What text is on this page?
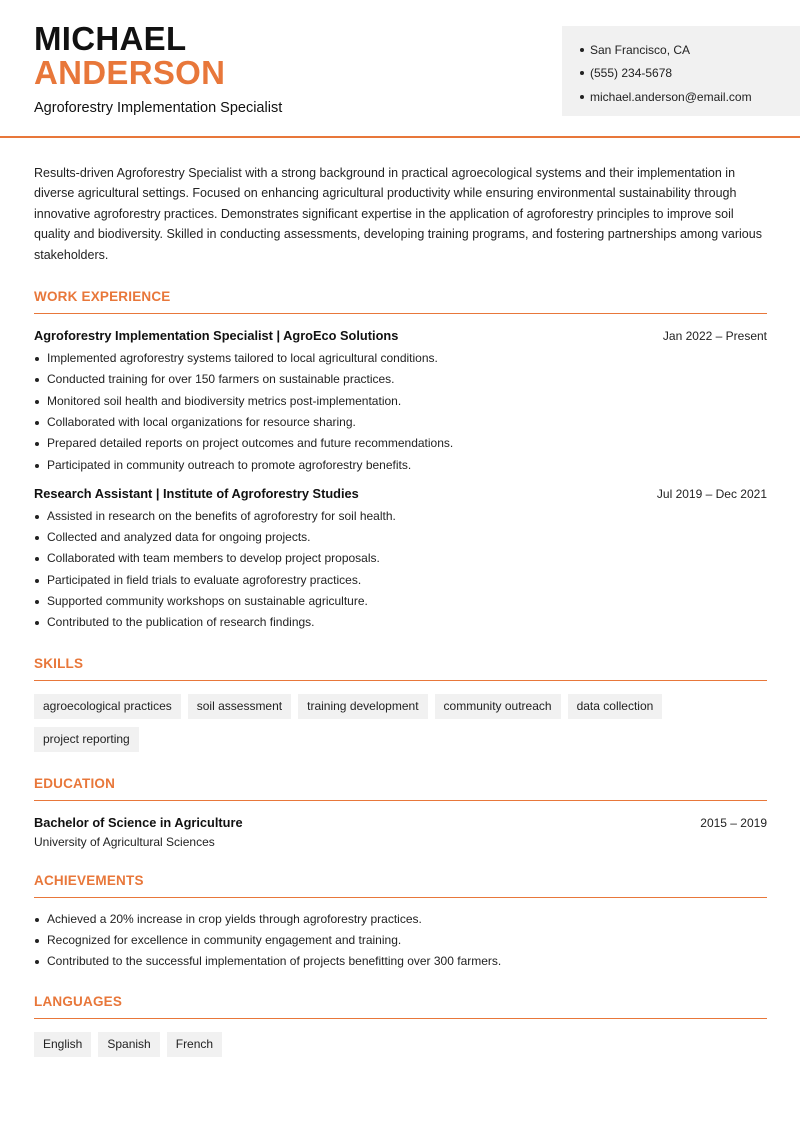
MICHAEL
ANDERSON
Agroforestry Implementation Specialist
San Francisco, CA
(555) 234-5678
michael.anderson@email.com

Results-driven Agroforestry Specialist with a strong background in practical agroecological systems and their implementation in diverse agricultural settings. Focused on enhancing agricultural productivity while ensuring environmental sustainability through innovative agroforestry practices. Demonstrates significant expertise in the application of agroforestry principles to improve soil quality and biodiversity. Skilled in conducting assessments, developing training programs, and fostering partnerships among various stakeholders.

WORK EXPERIENCE
Agroforestry Implementation Specialist | AgroEco Solutions	Jan 2022 – Present
Implemented agroforestry systems tailored to local agricultural conditions.
Conducted training for over 150 farmers on sustainable practices.
Monitored soil health and biodiversity metrics post-implementation.
Collaborated with local organizations for resource sharing.
Prepared detailed reports on project outcomes and future recommendations.
Participated in community outreach to promote agroforestry benefits.
Research Assistant | Institute of Agroforestry Studies	Jul 2019 – Dec 2021
Assisted in research on the benefits of agroforestry for soil health.
Collected and analyzed data for ongoing projects.
Collaborated with team members to develop project proposals.
Participated in field trials to evaluate agroforestry practices.
Supported community workshops on sustainable agriculture.
Contributed to the publication of research findings.
SKILLS
agroecological practices	soil assessment	training development	community outreach	data collection
project reporting
EDUCATION
Bachelor of Science in Agriculture	2015 – 2019
University of Agricultural Sciences
ACHIEVEMENTS
Achieved a 20% increase in crop yields through agroforestry practices.
Recognized for excellence in community engagement and training.
Contributed to the successful implementation of projects benefitting over 300 farmers.
LANGUAGES
English	Spanish	French
